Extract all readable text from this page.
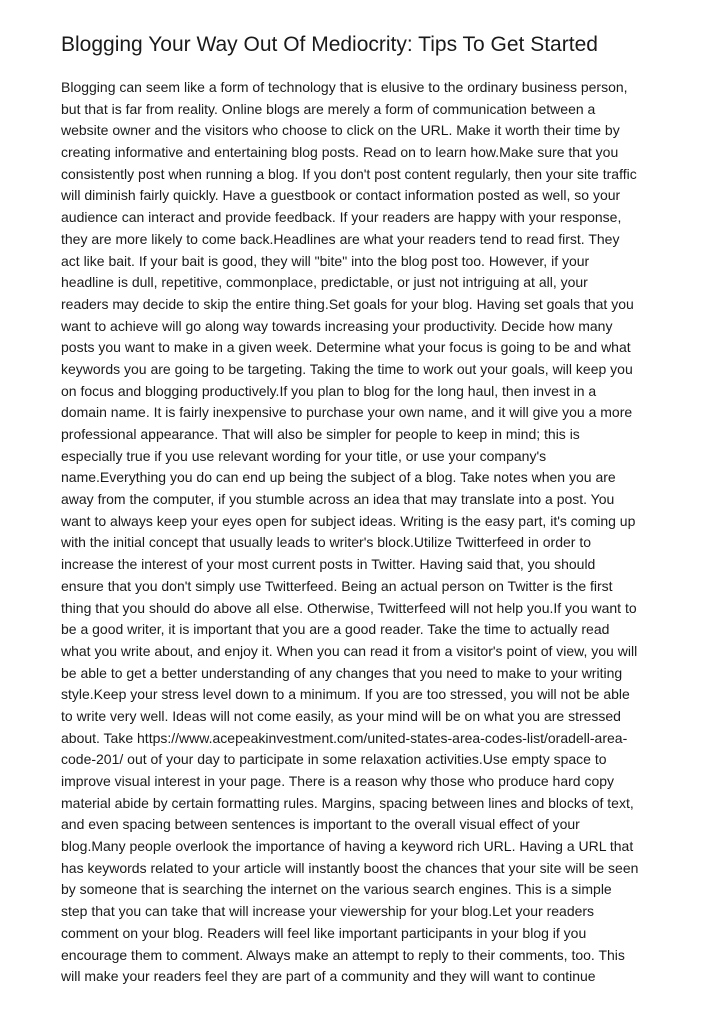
Blogging Your Way Out Of Mediocrity: Tips To Get Started
Blogging can seem like a form of technology that is elusive to the ordinary business person,
but that is far from reality. Online blogs are merely a form of communication between a
website owner and the visitors who choose to click on the URL. Make it worth their time by
creating informative and entertaining blog posts. Read on to learn how.Make sure that you
consistently post when running a blog. If you don't post content regularly, then your site traffic
will diminish fairly quickly. Have a guestbook or contact information posted as well, so your
audience can interact and provide feedback. If your readers are happy with your response,
they are more likely to come back.Headlines are what your readers tend to read first. They
act like bait. If your bait is good, they will "bite" into the blog post too. However, if your
headline is dull, repetitive, commonplace, predictable, or just not intriguing at all, your
readers may decide to skip the entire thing.Set goals for your blog. Having set goals that you
want to achieve will go along way towards increasing your productivity. Decide how many
posts you want to make in a given week. Determine what your focus is going to be and what
keywords you are going to be targeting. Taking the time to work out your goals, will keep you
on focus and blogging productively.If you plan to blog for the long haul, then invest in a
domain name. It is fairly inexpensive to purchase your own name, and it will give you a more
professional appearance. That will also be simpler for people to keep in mind; this is
especially true if you use relevant wording for your title, or use your company's
name.Everything you do can end up being the subject of a blog. Take notes when you are
away from the computer, if you stumble across an idea that may translate into a post. You
want to always keep your eyes open for subject ideas. Writing is the easy part, it's coming up
with the initial concept that usually leads to writer's block.Utilize Twitterfeed in order to
increase the interest of your most current posts in Twitter. Having said that, you should
ensure that you don't simply use Twitterfeed. Being an actual person on Twitter is the first
thing that you should do above all else. Otherwise, Twitterfeed will not help you.If you want to
be a good writer, it is important that you are a good reader. Take the time to actually read
what you write about, and enjoy it. When you can read it from a visitor's point of view, you will
be able to get a better understanding of any changes that you need to make to your writing
style.Keep your stress level down to a minimum. If you are too stressed, you will not be able
to write very well. Ideas will not come easily, as your mind will be on what you are stressed
about. Take https://www.acepeakinvestment.com/united-states-area-codes-list/oradell-area-
code-201/ out of your day to participate in some relaxation activities.Use empty space to
improve visual interest in your page. There is a reason why those who produce hard copy
material abide by certain formatting rules. Margins, spacing between lines and blocks of text,
and even spacing between sentences is important to the overall visual effect of your
blog.Many people overlook the importance of having a keyword rich URL. Having a URL that
has keywords related to your article will instantly boost the chances that your site will be seen
by someone that is searching the internet on the various search engines. This is a simple
step that you can take that will increase your viewership for your blog.Let your readers
comment on your blog. Readers will feel like important participants in your blog if you
encourage them to comment. Always make an attempt to reply to their comments, too. This
will make your readers feel they are part of a community and they will want to continue
